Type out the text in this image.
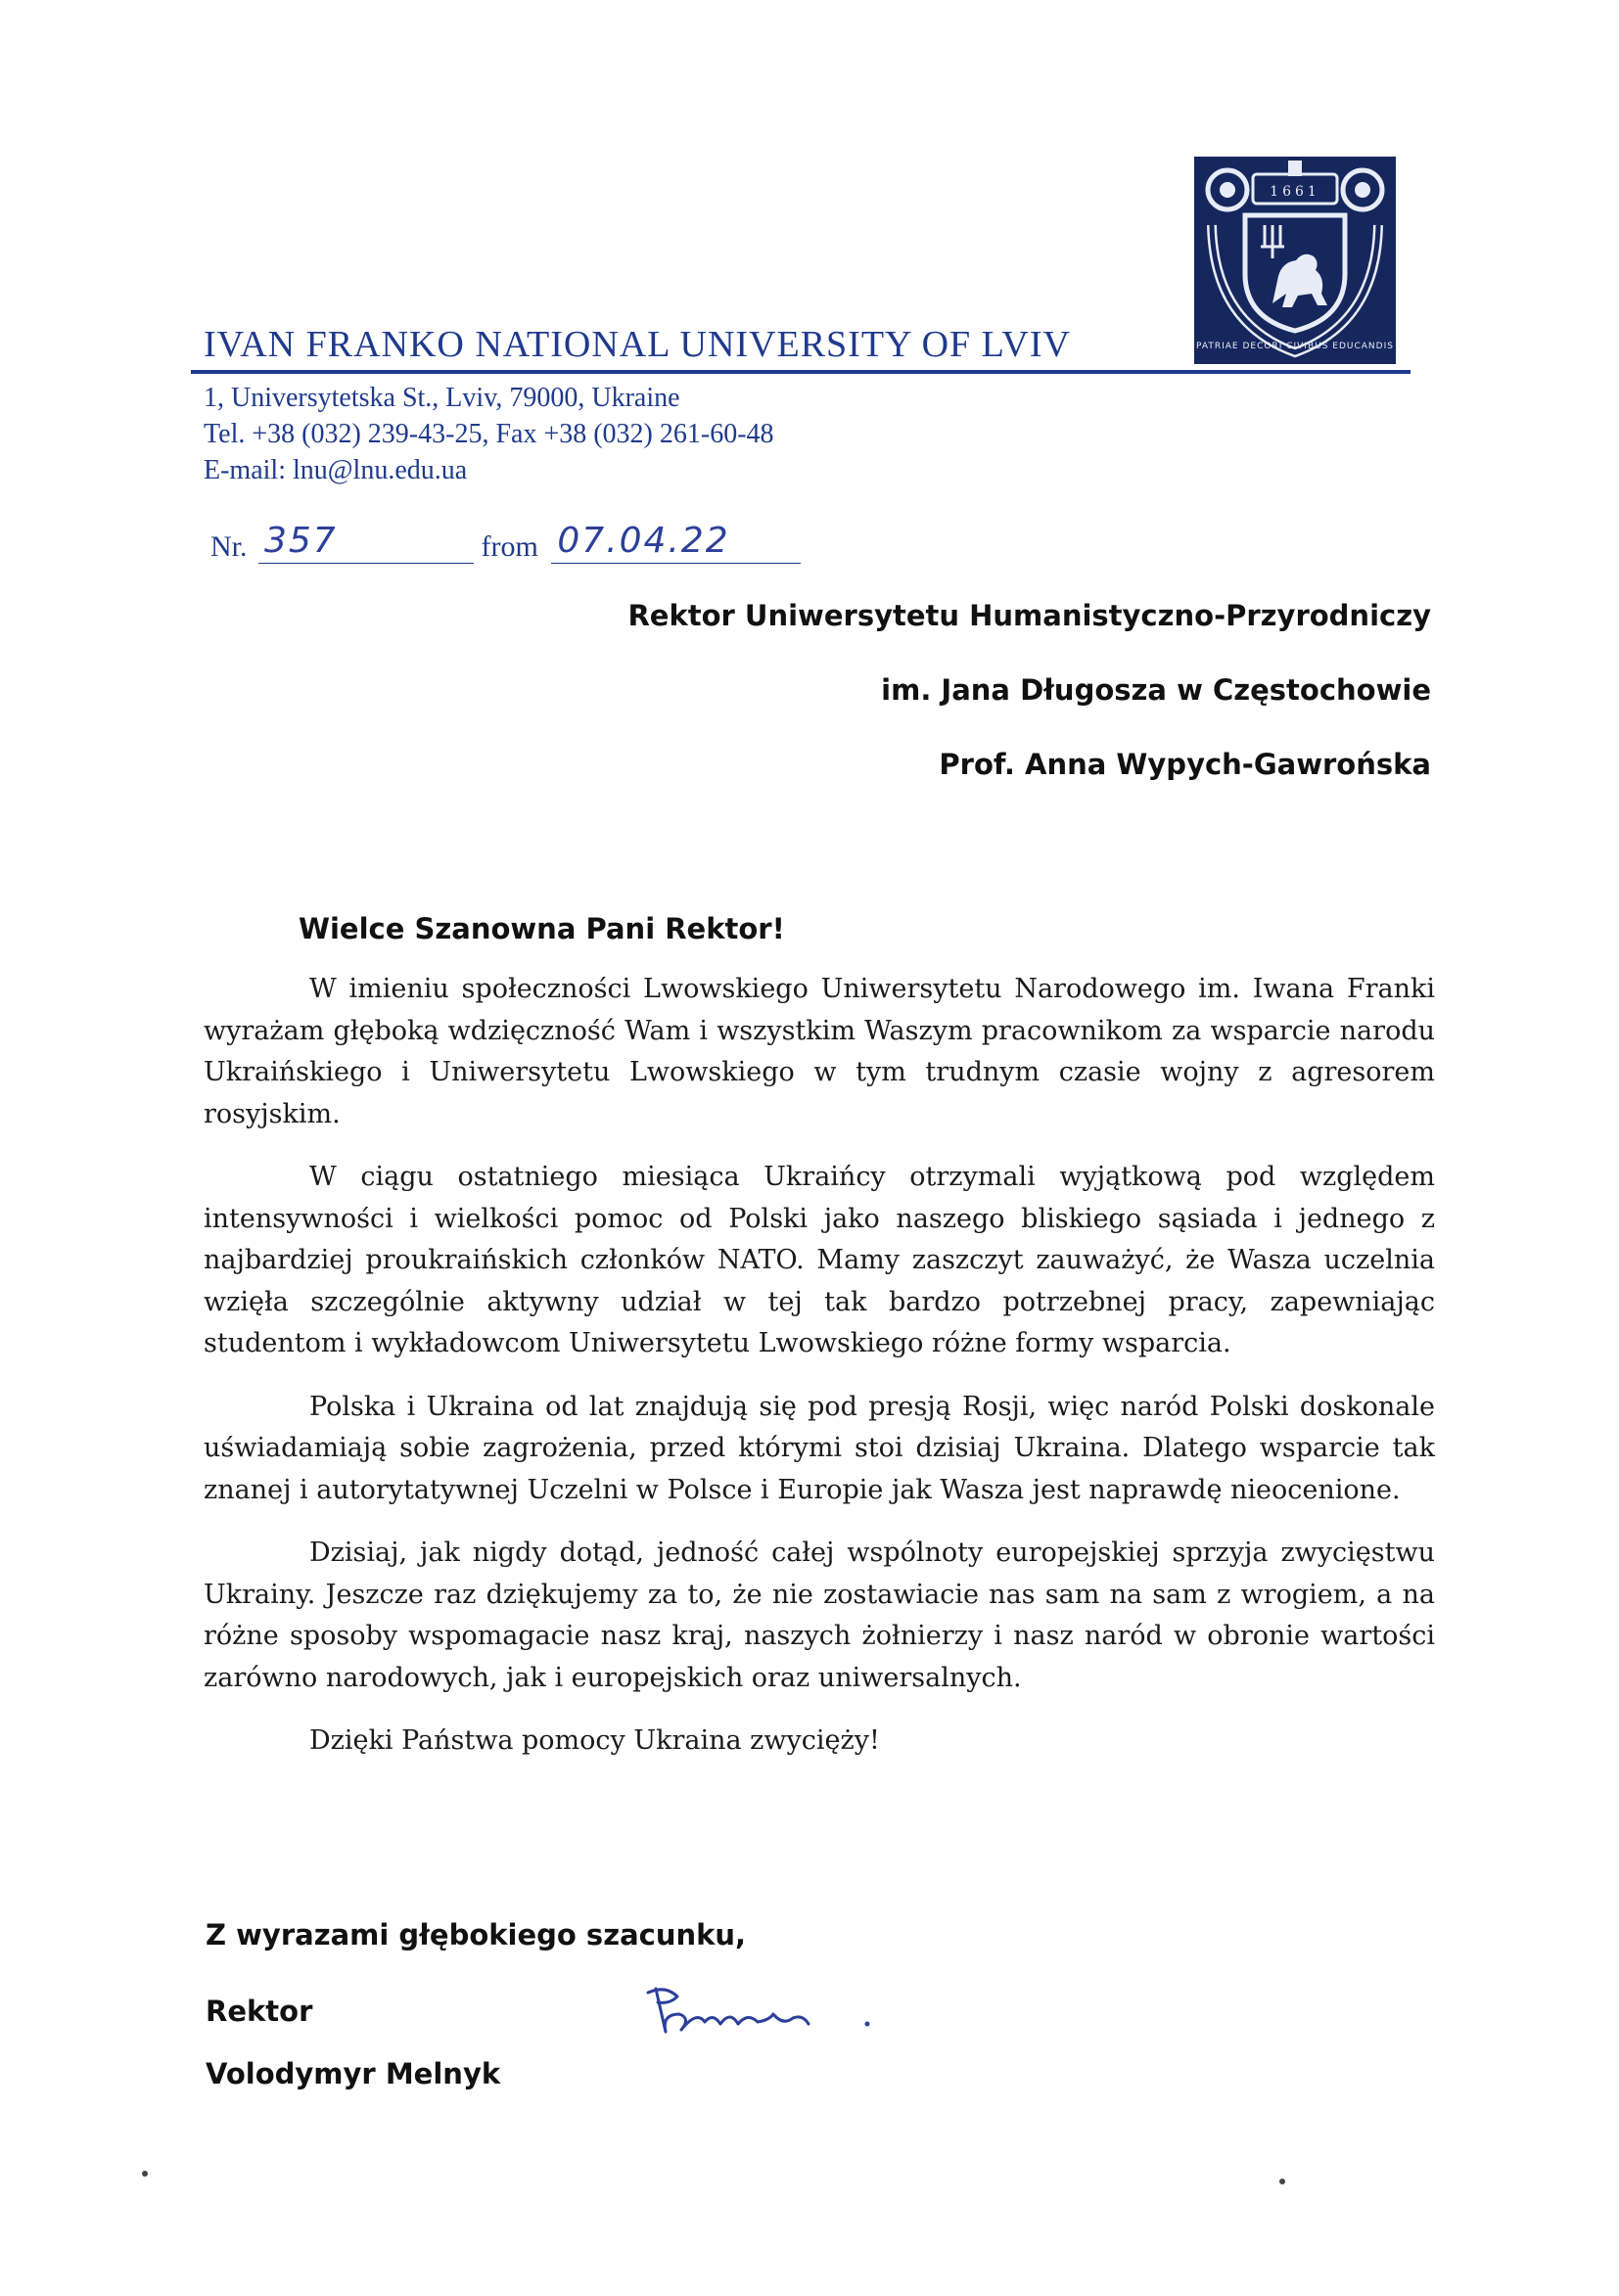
1661
PATRIAE DECORI CIVIBUS EDUCANDIS
IVAN FRANKO NATIONAL UNIVERSITY OF LVIV
1, Universytetska St., Lviv, 79000, Ukraine
Tel. +38 (032) 239-43-25, Fax +38 (032) 261-60-48
E-mail: lnu@lnu.edu.ua
Nr. 357	from 07.04.22
Rektor Uniwersytetu Humanistyczno-Przyrodniczy
im. Jana Długosza w Częstochowie
Prof. Anna Wypych-Gawrońska
Wielce Szanowna Pani Rektor!

W imieniu społeczności Lwowskiego Uniwersytetu Narodowego im. Iwana Franki wyrażam głęboką wdzięczność Wam i wszystkim Waszym pracownikom za wsparcie narodu Ukraińskiego i Uniwersytetu Lwowskiego w tym trudnym czasie wojny z agresorem rosyjskim.

W ciągu ostatniego miesiąca Ukraińcy otrzymali wyjątkową pod względem intensywności i wielkości pomoc od Polski jako naszego bliskiego sąsiada i jednego z najbardziej proukraińskich członków NATO. Mamy zaszczyt zauważyć, że Wasza uczelnia wzięła szczególnie aktywny udział w tej tak bardzo potrzebnej pracy, zapewniając studentom i wykładowcom Uniwersytetu Lwowskiego różne formy wsparcia.

Polska i Ukraina od lat znajdują się pod presją Rosji, więc naród Polski doskonale uświadamiają sobie zagrożenia, przed którymi stoi dzisiaj Ukraina. Dlatego wsparcie tak znanej i autorytatywnej Uczelni w Polsce i Europie jak Wasza jest naprawdę nieocenione.

Dzisiaj, jak nigdy dotąd, jedność całej wspólnoty europejskiej sprzyja zwycięstwu Ukrainy. Jeszcze raz dziękujemy za to, że nie zostawiacie nas sam na sam z wrogiem, a na różne sposoby wspomagacie nasz kraj, naszych żołnierzy i nasz naród w obronie wartości zarówno narodowych, jak i europejskich oraz uniwersalnych.

Dzięki Państwa pomocy Ukraina zwycięży!

Z wyrazami głębokiego szacunku,
Rektor
Volodymyr Melnyk
